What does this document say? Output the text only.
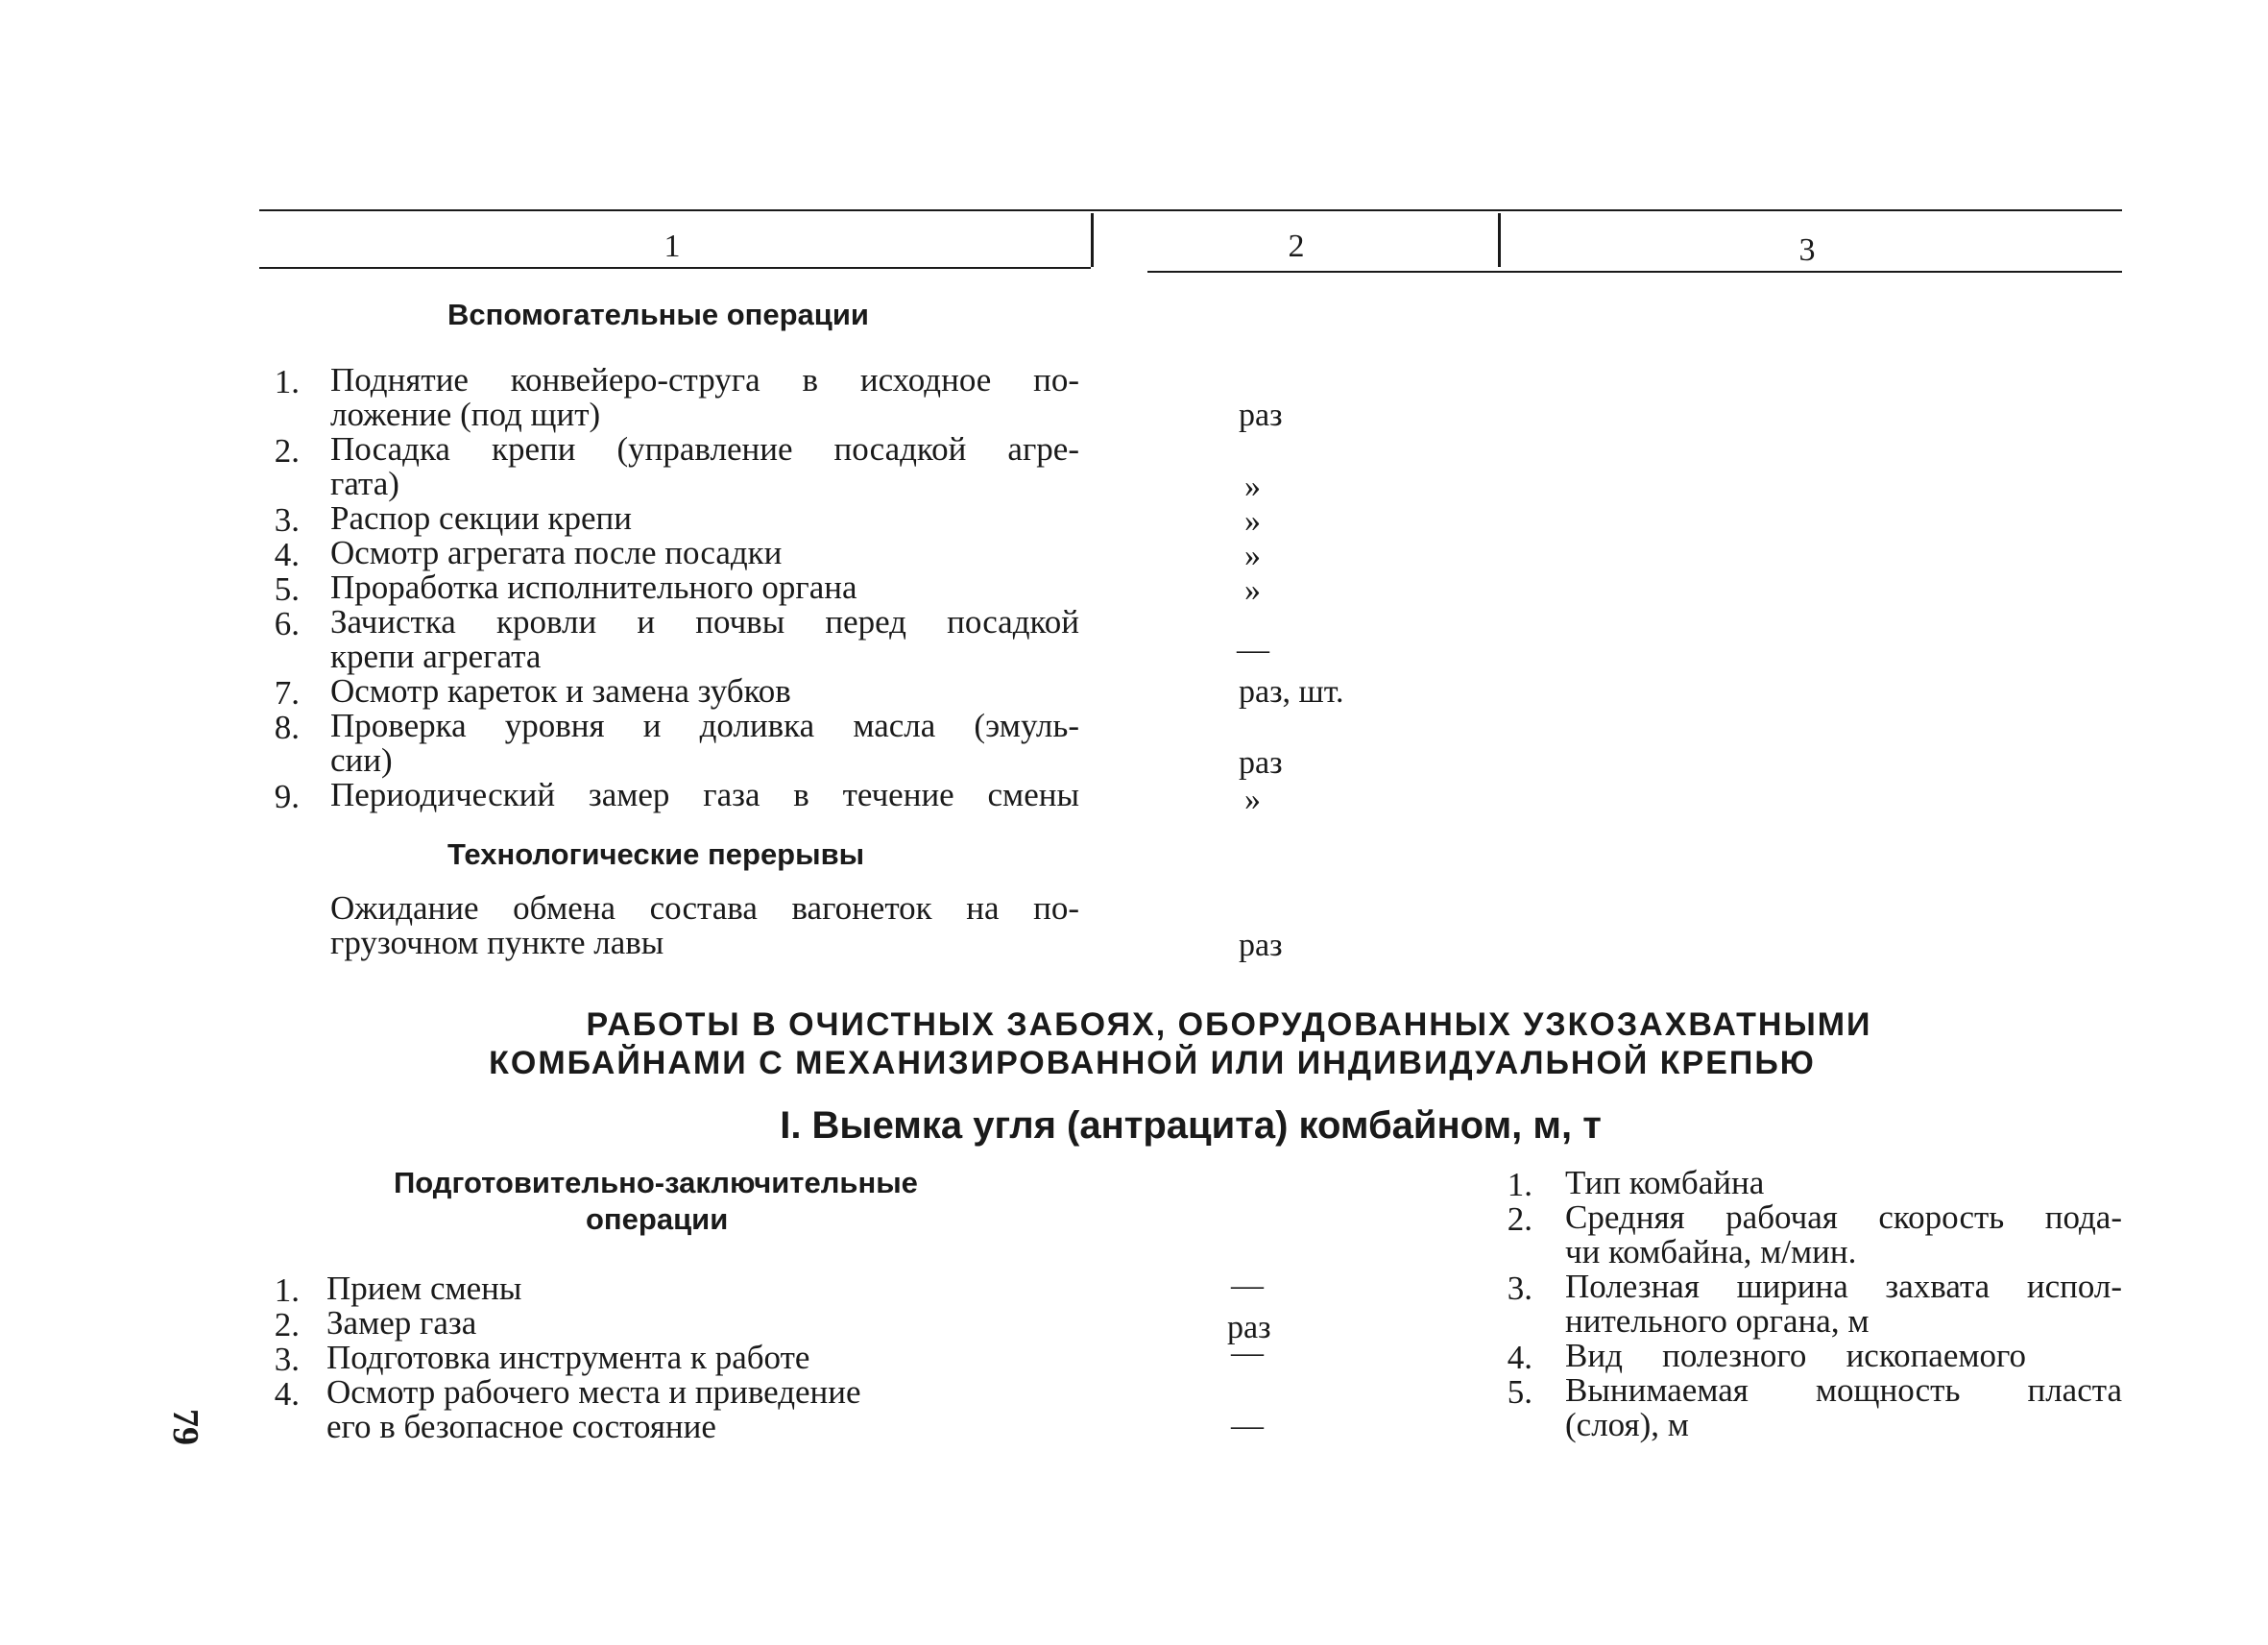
1	2	3
Вспомогательные операции
1. Поднятие конвейеро-струга в исходное по-
ложение (под щит)	раз
2. Посадка крепи (управление посадкой агре-
гата)	»
3. Распор секции крепи	»
4. Осмотр агрегата после посадки	»
5. Проработка исполнительного органа	»
6. Зачистка кровли и почвы перед посадкой
крепи агрегата	—
7. Осмотр кареток и замена зубков	раз, шт.
8. Проверка уровня и доливка масла (эмуль-
сии)	раз
9. Периодический замер газа в течение смены	»
Технологические перерывы
Ожидание обмена состава вагонеток на по-
грузочном пункте лавы	раз
РАБОТЫ В ОЧИСТНЫХ ЗАБОЯХ, ОБОРУДОВАННЫХ УЗКОЗАХВАТНЫМИ
КОМБАЙНАМИ С МЕХАНИЗИРОВАННОЙ ИЛИ ИНДИВИДУАЛЬНОЙ КРЕПЬЮ
I. Выемка угля (антрацита) комбайном, м, т
Подготовительно-заключительные
операции
1. Прием смены	—
2. Замер газа	раз
3. Подготовка инструмента к работе	—
4. Осмотр рабочего места и приведение
его в безопасное состояние	—
1. Тип комбайна
2. Средняя рабочая скорость пода-
чи комбайна, м/мин.
3. Полезная ширина захвата испол-
нительного органа, м
4. Вид полезного ископаемого
5. Вынимаемая мощность пласта
(слоя), м
79
